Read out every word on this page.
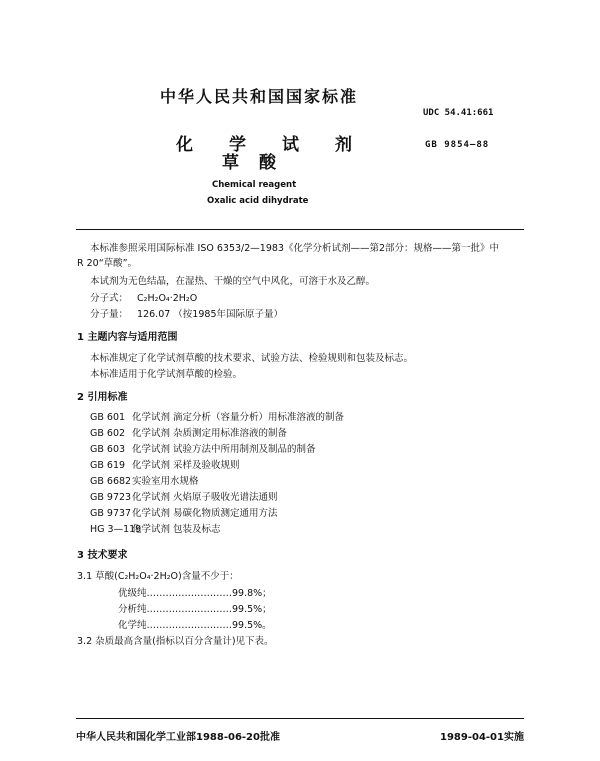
中华人民共和国国家标准
UDC 54.41:661
GB 9854—88
化学试剂
草酸
Chemical reagent
Oxalic acid dihydrate
本标准参照采用国际标准 ISO 6353/2—1983《化学分析试剂——第2部分：规格——第一批》中
R 20“草酸”。
本试剂为无色结晶，在湿热、干燥的空气中风化，可溶于水及乙醇。
分子式： C₂H₂O₄·2H₂O
分子量： 126.07 （按1985年国际原子量）
1 主题内容与适用范围
本标准规定了化学试剂草酸的技术要求、试验方法、检验规则和包装及标志。
本标准适用于化学试剂草酸的检验。
2 引用标准
GB 601 化学试剂 滴定分析（容量分析）用标准溶液的制备
GB 602 化学试剂 杂质测定用标准溶液的制备
GB 603 化学试剂 试验方法中所用制剂及制品的制备
GB 619 化学试剂 采样及验收规则
GB 6682实验室用水规格
GB 9723化学试剂 火焰原子吸收光谱法通则
GB 9737化学试剂 易碳化物质测定通用方法
HG 3—119化学试剂 包装及标志
3 技术要求
3.1 草酸(C₂H₂O₄·2H₂O)含量不少于：
优级纯………………………99.8%；
分析纯………………………99.5%；
化学纯………………………99.5%。
3.2 杂质最高含量(指标以百分含量计)见下表。
中华人民共和国化学工业部1988-06-20批准	1989-04-01实施
